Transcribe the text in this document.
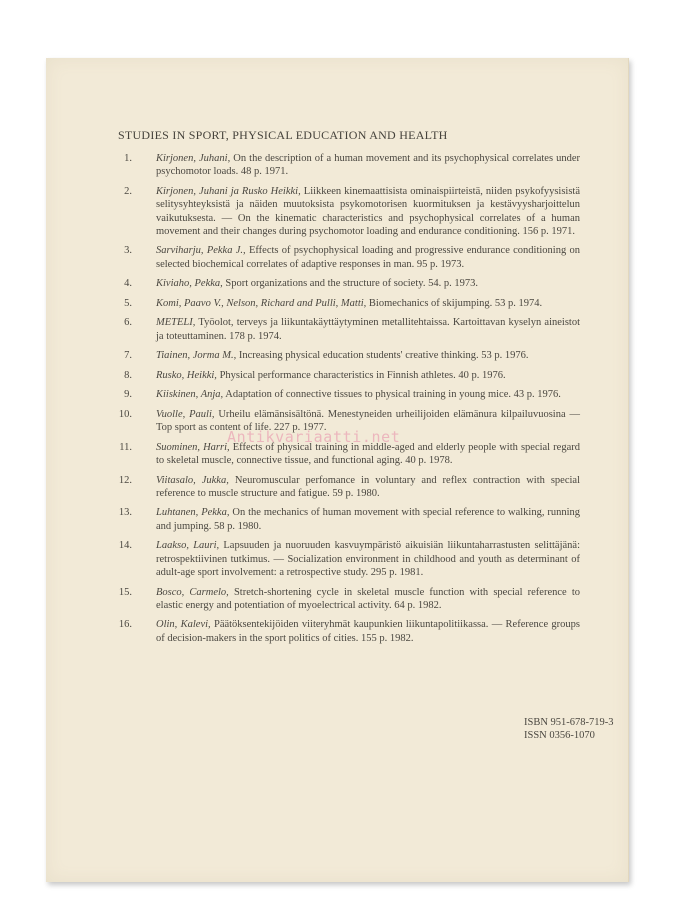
STUDIES IN SPORT, PHYSICAL EDUCATION AND HEALTH
1. Kirjonen, Juhani, On the description of a human movement and its psychophysical correlates under psychomotor loads. 48 p. 1971.
2. Kirjonen, Juhani ja Rusko Heikki, Liikkeen kinemaattisista ominaispiirteistä, niiden psykofyysisistä selitysyhteyksistä ja näiden muutoksista psykomotorisen kuormituksen ja kestävyysharjoittelun vaikutuksesta. — On the kinematic characteristics and psychophysical correlates of a human movement and their changes during psychomotor loading and endurance conditioning. 156 p. 1971.
3. Sarviharju, Pekka J., Effects of psychophysical loading and progressive endurance conditioning on selected biochemical correlates of adaptive responses in man. 95 p. 1973.
4. Kiviaho, Pekka, Sport organizations and the structure of society. 54. p. 1973.
5. Komi, Paavo V., Nelson, Richard and Pulli, Matti, Biomechanics of skijumping. 53 p. 1974.
6. METELI, Työolot, terveys ja liikuntakäyttäytyminen metallitehtaissa. Kartoittavan kyselyn aineistot ja toteuttaminen. 178 p. 1974.
7. Tiainen, Jorma M., Increasing physical education students' creative thinking. 53 p. 1976.
8. Rusko, Heikki, Physical performance characteristics in Finnish athletes. 40 p. 1976.
9. Kiiskinen, Anja, Adaptation of connective tissues to physical training in young mice. 43 p. 1976.
10. Vuolle, Pauli, Urheilu elämänsisältönä. Menestyneiden urheilijoiden elämänura kilpailuvuosina — Top sport as content of life. 227 p. 1977.
11. Suominen, Harri, Effects of physical training in middle-aged and elderly people with special regard to skeletal muscle, connective tissue, and functional aging. 40 p. 1978.
12. Viitasalo, Jukka, Neuromuscular perfomance in voluntary and reflex contraction with special reference to muscle structure and fatigue. 59 p. 1980.
13. Luhtanen, Pekka, On the mechanics of human movement with special reference to walking, running and jumping. 58 p. 1980.
14. Laakso, Lauri, Lapsuuden ja nuoruuden kasvuympäristö aikuisiän liikuntaharrastusten selittäjänä: retrospektiivinen tutkimus. — Socialization environment in childhood and youth as determinant of adult-age sport involvement: a retrospective study. 295 p. 1981.
15. Bosco, Carmelo, Stretch-shortening cycle in skeletal muscle function with special reference to elastic energy and potentiation of myoelectrical activity. 64 p. 1982.
16. Olin, Kalevi, Päätöksentekijöiden viiteryhmät kaupunkien liikuntapolitiikassa. — Reference groups of decision-makers in the sport politics of cities. 155 p. 1982.
ISBN 951-678-719-3
ISSN 0356-1070
Antikvariaatti.net
